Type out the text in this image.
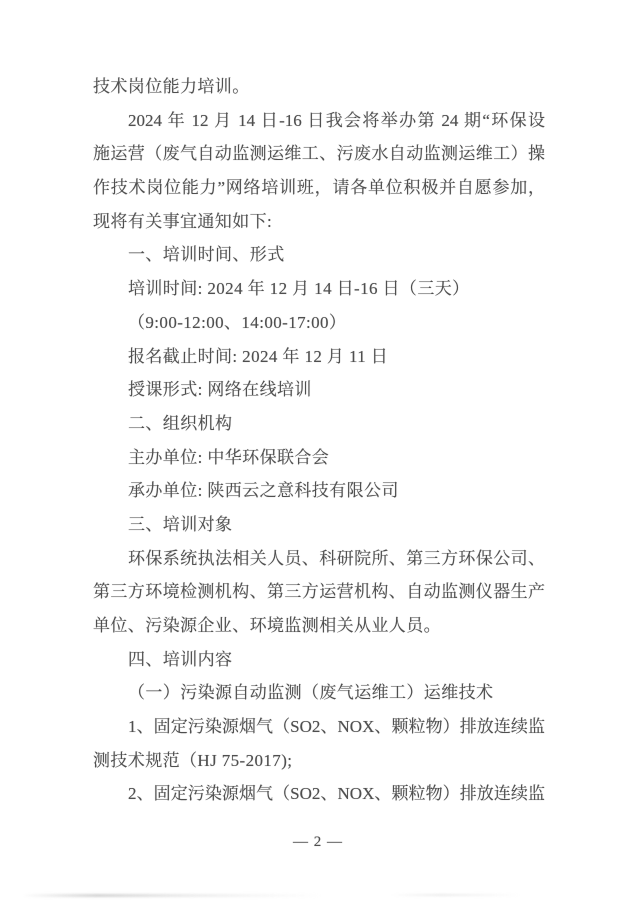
技术岗位能力培训。
2024 年 12 月 14 日-16 日我会将举办第 24 期“环保设
施运营（废气自动监测运维工、污废水自动监测运维工）操
作技术岗位能力”网络培训班，请各单位积极并自愿参加，
现将有关事宜通知如下:
一、培训时间、形式
培训时间: 2024 年 12 月 14 日-16 日（三天）
（9:00-12:00、14:00-17:00）
报名截止时间: 2024 年 12 月 11 日
授课形式: 网络在线培训
二、组织机构
主办单位: 中华环保联合会
承办单位: 陕西云之意科技有限公司
三、培训对象
环保系统执法相关人员、科研院所、第三方环保公司、
第三方环境检测机构、第三方运营机构、自动监测仪器生产
单位、污染源企业、环境监测相关从业人员。
四、培训内容
（一）污染源自动监测（废气运维工）运维技术
1、固定污染源烟气（SO2、NOX、颗粒物）排放连续监
测技术规范（HJ 75-2017);
2、固定污染源烟气（SO2、NOX、颗粒物）排放连续监
— 2 —
